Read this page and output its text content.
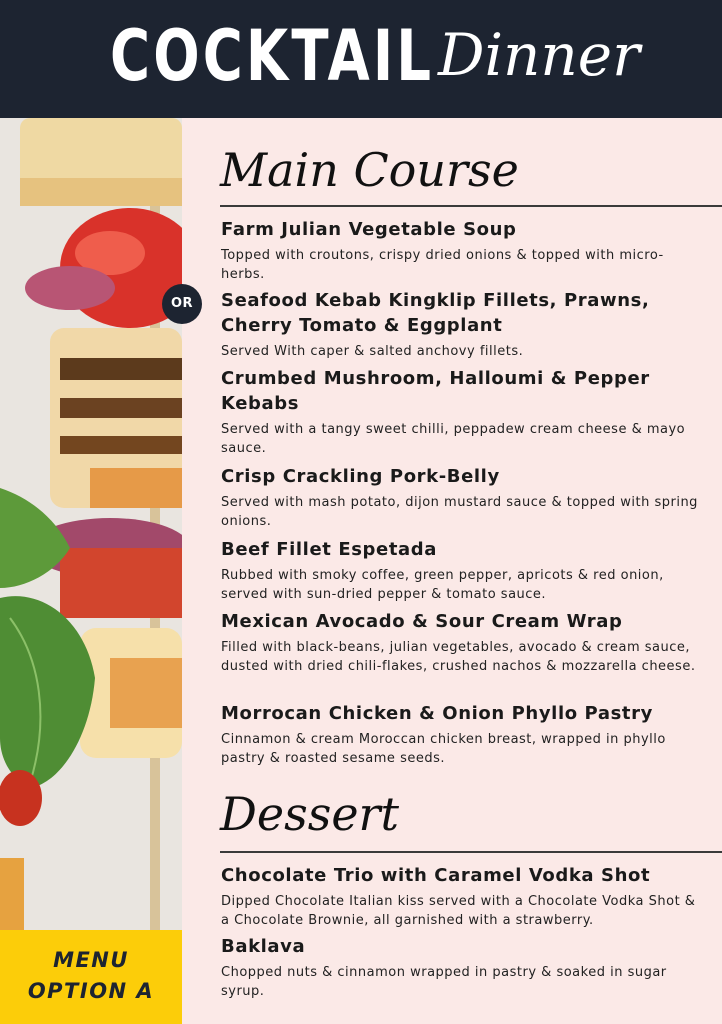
COCKTAIL Dinner
OR
Main Course
Farm Julian Vegetable Soup
Topped with croutons, crispy dried onions & topped with micro-herbs.
Seafood Kebab Kingklip Fillets, Prawns, Cherry Tomato & Eggplant
Served With caper & salted anchovy fillets.
Crumbed Mushroom, Halloumi & Pepper Kebabs
Served with a tangy sweet chilli, peppadew cream cheese & mayo sauce.
Crisp Crackling Pork-Belly
Served with mash potato, dijon mustard sauce & topped with spring onions.
Beef Fillet Espetada
Rubbed with smoky coffee, green pepper, apricots & red onion, served with sun-dried pepper & tomato sauce.
Mexican Avocado & Sour Cream Wrap
Filled with black-beans, julian vegetables, avocado & cream sauce, dusted with dried chili-flakes, crushed nachos & mozzarella cheese.
Morrocan Chicken & Onion Phyllo Pastry
Cinnamon & cream Moroccan chicken breast, wrapped in phyllo pastry & roasted sesame seeds.
Dessert
Chocolate Trio with Caramel Vodka Shot
Dipped Chocolate Italian kiss served with a Chocolate Vodka Shot & a Chocolate Brownie, all garnished with a strawberry.
Baklava
Chopped nuts & cinnamon wrapped in pastry & soaked in sugar syrup.
MENU
OPTION A
